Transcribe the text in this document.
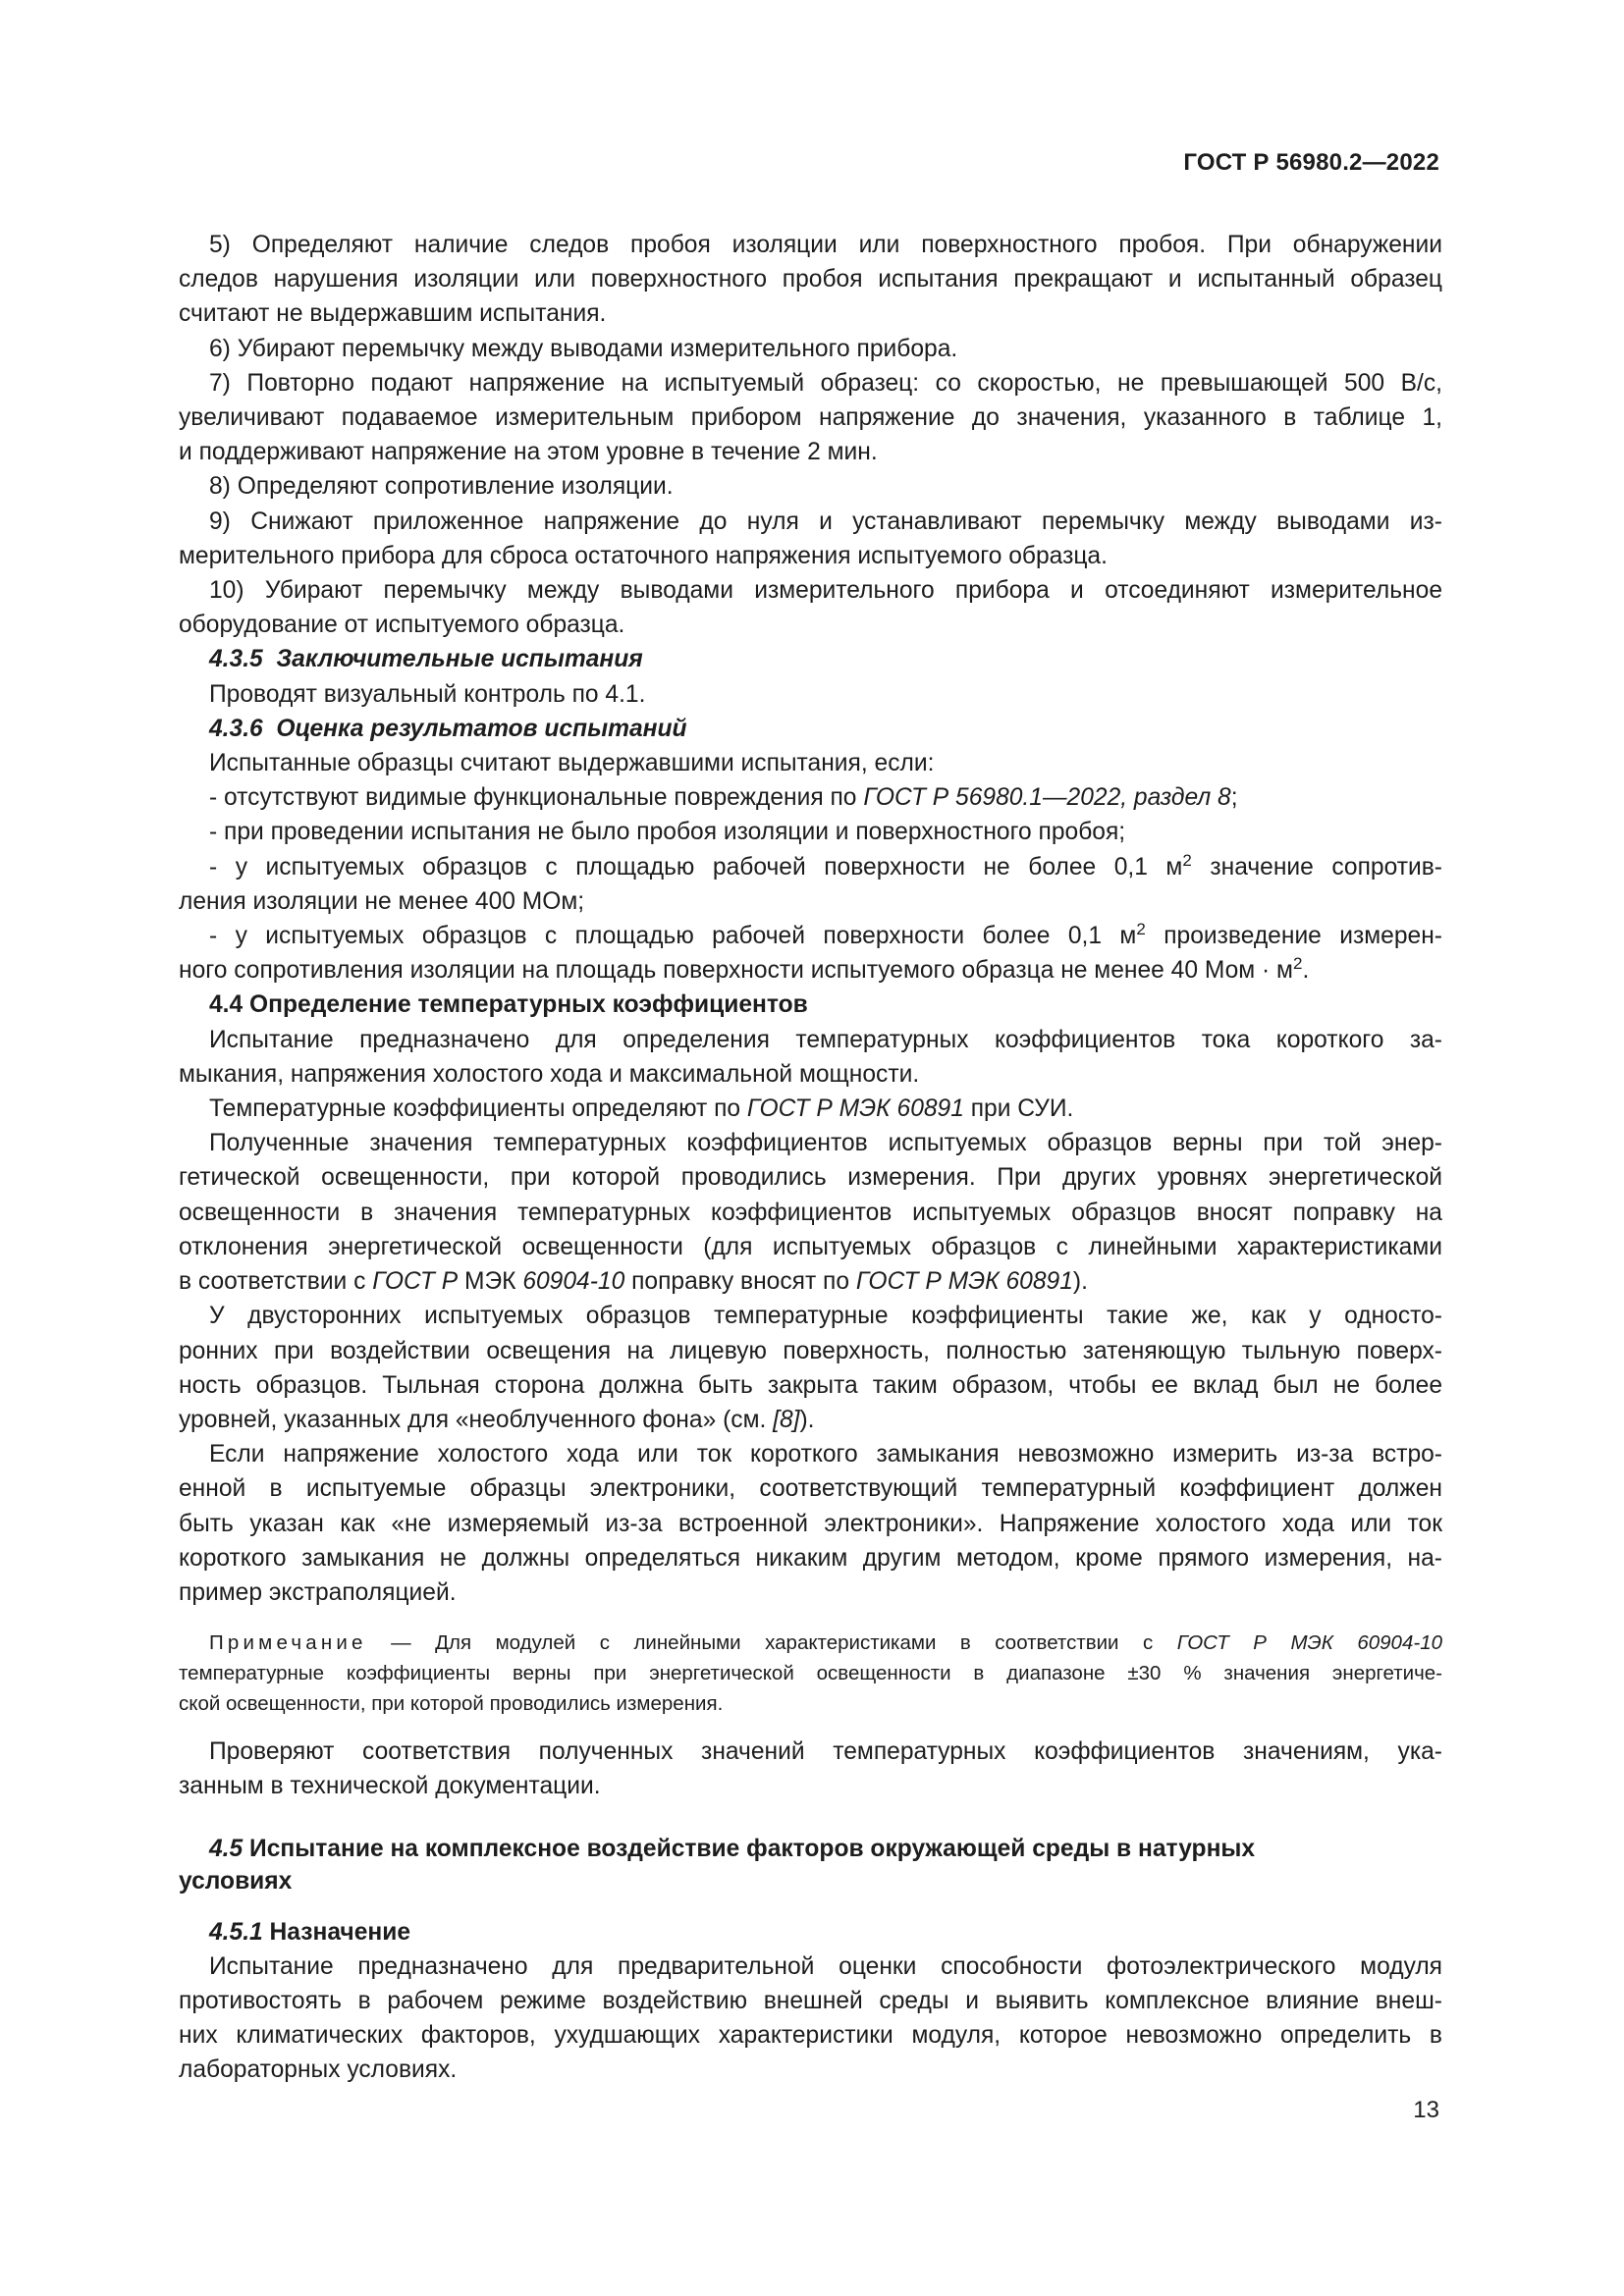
ГОСТ Р 56980.2—2022
5) Определяют наличие следов пробоя изоляции или поверхностного пробоя. При обнаружении
следов нарушения изоляции или поверхностного пробоя испытания прекращают и испытанный образец
считают не выдержавшим испытания.
6) Убирают перемычку между выводами измерительного прибора.
7) Повторно подают напряжение на испытуемый образец: со скоростью, не превышающей 500 В/с,
увеличивают подаваемое измерительным прибором напряжение до значения, указанного в таблице 1,
и поддерживают напряжение на этом уровне в течение 2 мин.
8) Определяют сопротивление изоляции.
9) Снижают приложенное напряжение до нуля и устанавливают перемычку между выводами из-
мерительного прибора для сброса остаточного напряжения испытуемого образца.
10) Убирают перемычку между выводами измерительного прибора и отсоединяют измерительное
оборудование от испытуемого образца.
4.3.5 Заключительные испытания
Проводят визуальный контроль по 4.1.
4.3.6 Оценка результатов испытаний
Испытанные образцы считают выдержавшими испытания, если:
- отсутствуют видимые функциональные повреждения по ГОСТ Р 56980.1—2022, раздел 8;
- при проведении испытания не было пробоя изоляции и поверхностного пробоя;
- у испытуемых образцов с площадью рабочей поверхности не более 0,1 $м^2$ значение сопротив-
ления изоляции не менее 400 МОм;
- у испытуемых образцов с площадью рабочей поверхности более 0,1 $м^2$ произведение измерен-
ного сопротивления изоляции на площадь поверхности испытуемого образца не менее 40 Мом · $м^2$.
4.4 Определение температурных коэффициентов
Испытание предназначено для определения температурных коэффициентов тока короткого за-
мыкания, напряжения холостого хода и максимальной мощности.
Температурные коэффициенты определяют по ГОСТ Р МЭК 60891 при СУИ.
Полученные значения температурных коэффициентов испытуемых образцов верны при той энер-
гетической освещенности, при которой проводились измерения. При других уровнях энергетической
освещенности в значения температурных коэффициентов испытуемых образцов вносят поправку на
отклонения энергетической освещенности (для испытуемых образцов с линейными характеристиками
в соответствии с ГОСТ Р МЭК 60904-10 поправку вносят по ГОСТ Р МЭК 60891).
У двусторонних испытуемых образцов температурные коэффициенты такие же, как у односто-
ронних при воздействии освещения на лицевую поверхность, полностью затеняющую тыльную поверх-
ность образцов. Тыльная сторона должна быть закрыта таким образом, чтобы ее вклад был не более
уровней, указанных для «необлученного фона» (см. [8]).
Если напряжение холостого хода или ток короткого замыкания невозможно измерить из-за встро-
енной в испытуемые образцы электроники, соответствующий температурный коэффициент должен
быть указан как «не измеряемый из-за встроенной электроники». Напряжение холостого хода или ток
короткого замыкания не должны определяться никаким другим методом, кроме прямого измерения, на-
пример экстраполяцией.
Примечание — Для модулей с линейными характеристиками в соответствии с ГОСТ Р МЭК 60904-10
температурные коэффициенты верны при энергетической освещенности в диапазоне ±30 % значения энергетиче-
ской освещенности, при которой проводились измерения.
Проверяют соответствия полученных значений температурных коэффициентов значениям, ука-
занным в технической документации.
4.5 Испытание на комплексное воздействие факторов окружающей среды в натурных
условиях
4.5.1 Назначение
Испытание предназначено для предварительной оценки способности фотоэлектрического модуля
противостоять в рабочем режиме воздействию внешней среды и выявить комплексное влияние внеш-
них климатических факторов, ухудшающих характеристики модуля, которое невозможно определить в
лабораторных условиях.
13
